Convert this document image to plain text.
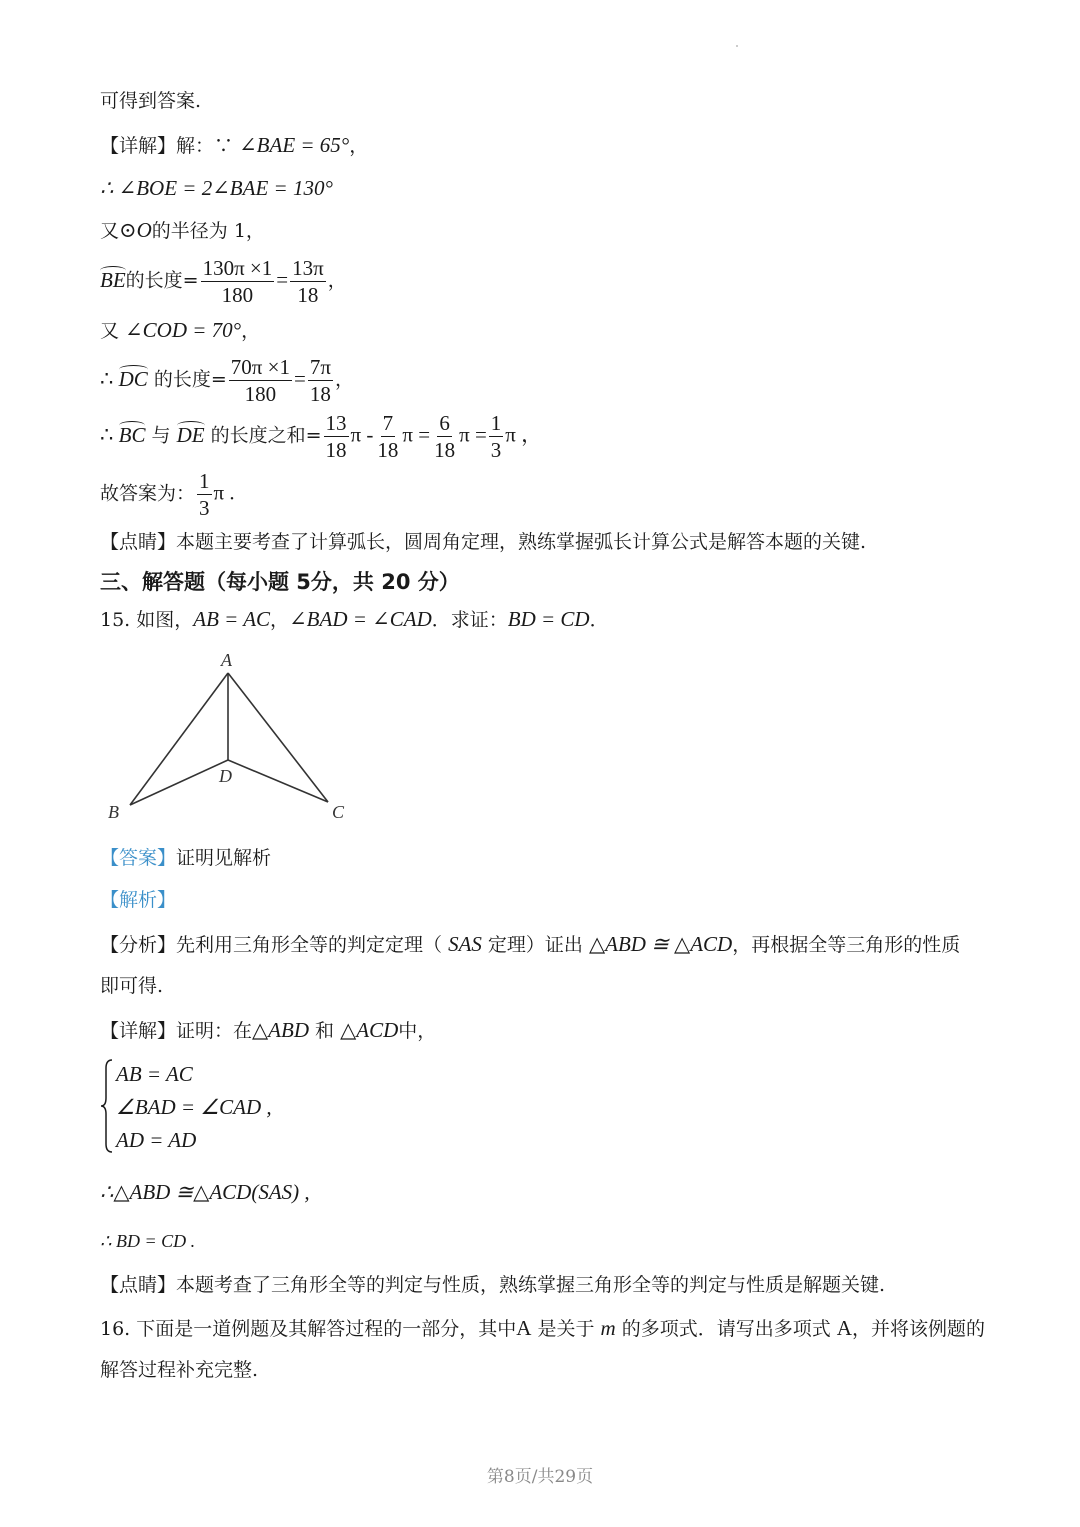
可得到答案.
【详解】解：∵ ∠BAE = 65°，
∴ ∠BOE = 2∠BAE = 130°
又⊙O的半径为 1，
BE的长度= $\frac{130\pi \times 1}{180} = \frac{13\pi}{18}$ ，
又 ∠COD = 70°，
∴ DC 的长度= $\frac{70\pi \times 1}{180} = \frac{7\pi}{18}$ ，
∴ BC 与 DE 的长度之和= $\frac{13}{18}$ π - $\frac{7}{18}$ $\pi = \frac{6}{18}$ $\pi = \frac{1}{3}$ π ，
故答案为： $\frac{1}{3}$ π .
【点睛】本题主要考查了计算弧长，圆周角定理，熟练掌握弧长计算公式是解答本题的关键.
三、解答题（每小题 5分，共 20 分）
15. 如图，AB = AC，∠BAD = ∠CAD．求证：BD = CD．
A
B	C
D
【答案】证明见解析
【解析】
【分析】先利用三角形全等的判定定理（ SAS 定理）证出 △ABD ≅ △ACD，再根据全等三角形的性质
即可得.
【详解】证明：在△ABD 和 △ACD中，
AB = AC
∠BAD = ∠CAD ,
AD = AD
∴△ABD ≅△ACD(SAS) ,
∴ BD = CD .
【点睛】本题考查了三角形全等的判定与性质，熟练掌握三角形全等的判定与性质是解题关键.
16. 下面是一道例题及其解答过程的一部分，其中A 是关于 m 的多项式．请写出多项式 A，并将该例题的
解答过程补充完整.
第8页/共29页
